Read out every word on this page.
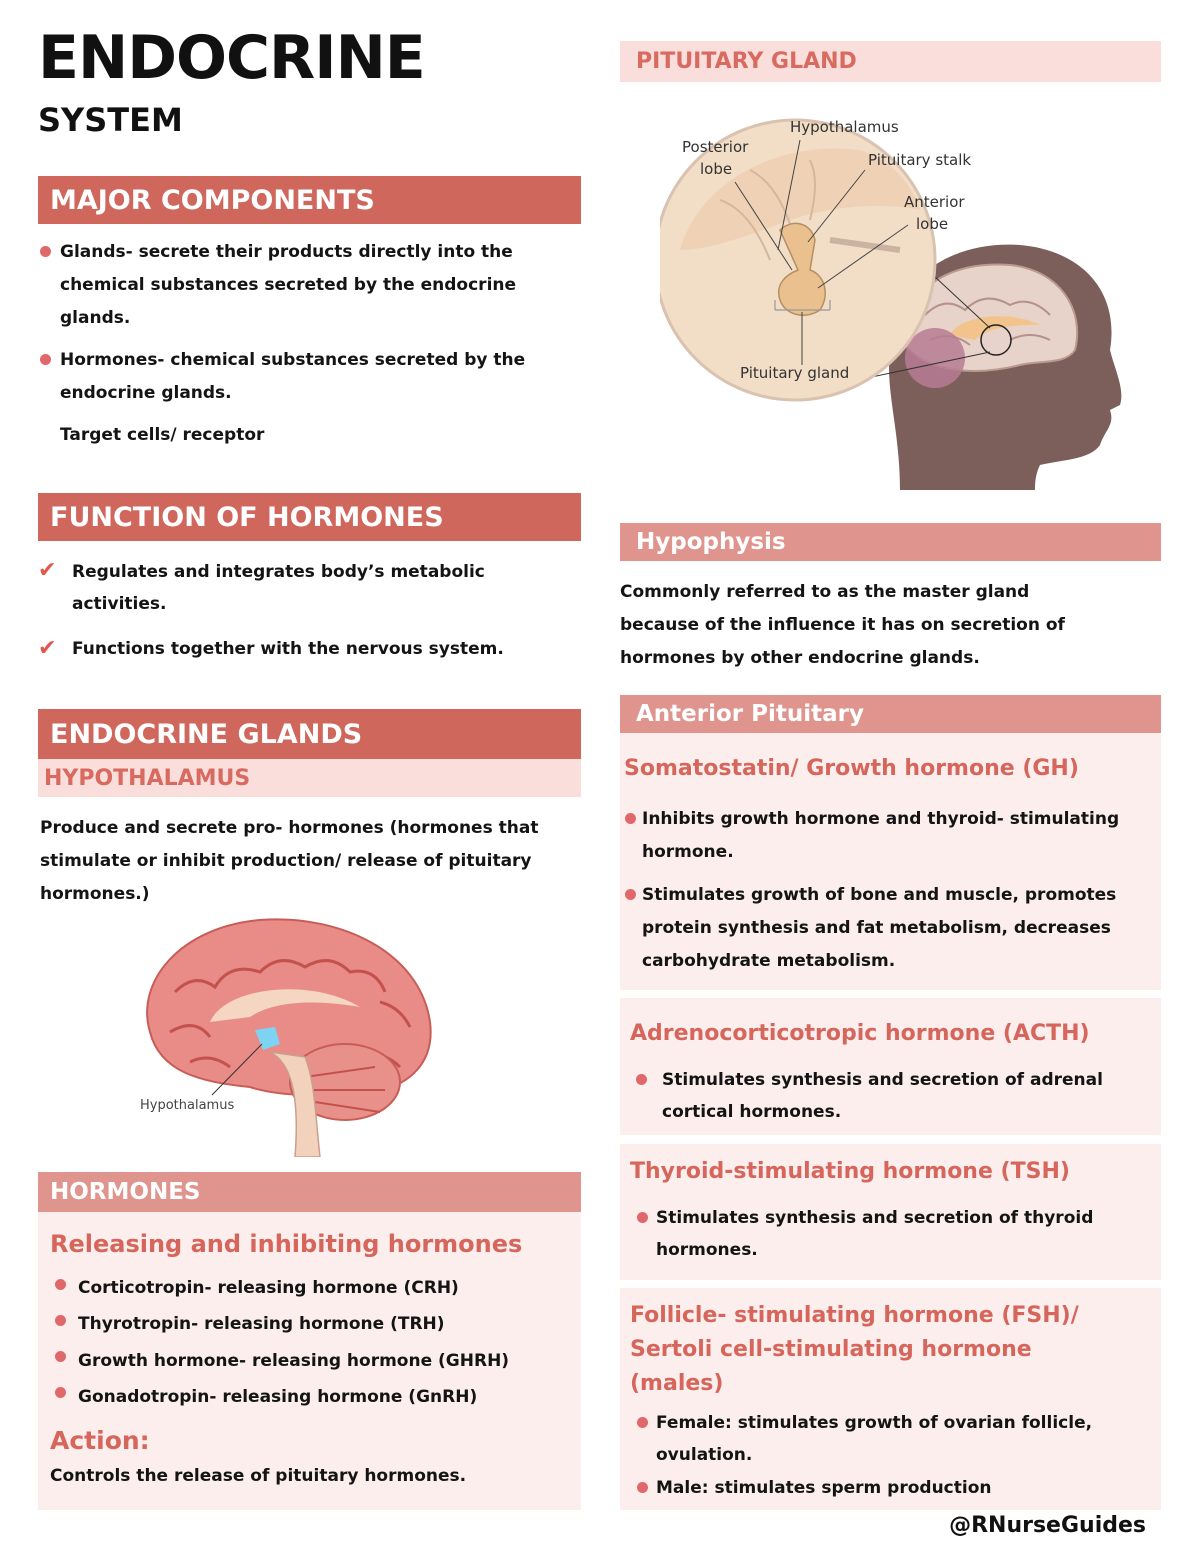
ENDOCRINE
SYSTEM
MAJOR COMPONENTS
Glands- secrete their products directly into the
chemical substances secreted by the endocrine
glands.
Hormones- chemical substances secreted by the
endocrine glands.
Target cells/ receptor
FUNCTION OF HORMONES
✔ Regulates and integrates body’s metabolic
activities.
✔ Functions together with the nervous system.
ENDOCRINE GLANDS
HYPOTHALAMUS
Produce and secrete pro- hormones (hormones that
stimulate or inhibit production/ release of pituitary
hormones.)
Hypothalamus
HORMONES
Releasing and inhibiting hormones
Corticotropin- releasing hormone (CRH)
Thyrotropin- releasing hormone (TRH)
Growth hormone- releasing hormone (GHRH)
Gonadotropin- releasing hormone (GnRH)
Action:
Controls the release of pituitary hormones.
PITUITARY GLAND
Hypothalamus
Posterior
lobe	Pituitary stalk
Anterior
lobe
Pituitary gland
Hypophysis
Commonly referred to as the master gland
because of the influence it has on secretion of
hormones by other endocrine glands.
Anterior Pituitary
Somatostatin/ Growth hormone (GH)
Inhibits growth hormone and thyroid- stimulating
hormone.
Stimulates growth of bone and muscle, promotes
protein synthesis and fat metabolism, decreases
carbohydrate metabolism.
Adrenocorticotropic hormone (ACTH)
Stimulates synthesis and secretion of adrenal
cortical hormones.
Thyroid-stimulating hormone (TSH)
Stimulates synthesis and secretion of thyroid
hormones.
Follicle- stimulating hormone (FSH)/
Sertoli cell-stimulating hormone
(males)
Female: stimulates growth of ovarian follicle,
ovulation.
Male: stimulates sperm production
@RNurseGuides
